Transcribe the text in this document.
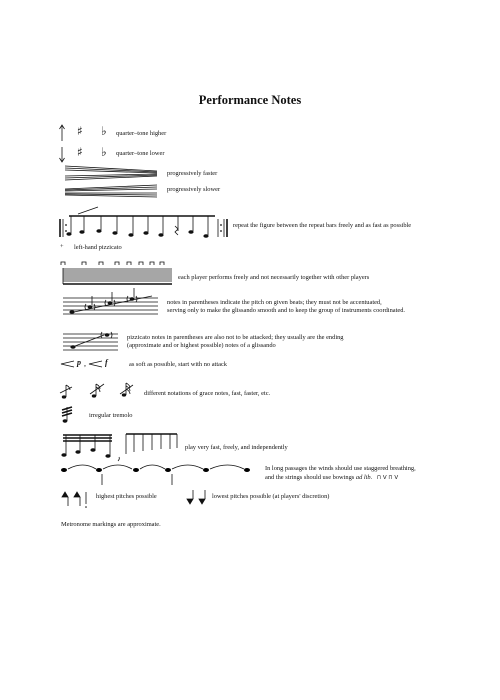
Performance Notes
♯ ♭
♯ ♭
quarter–tone higher
quarter–tone lower
progressively faster
progressively slower
repeat the figure between the repeat bars freely and as fast as possible
+ left-hand pizzicato
each player performs freely and not necessarily together with other players
notes in parentheses indicate the pitch on given beats; they must not be accentuated,
serving only to make the glissando smooth and to keep the group of instruments coordinated.
pizzicato notes in parentheses are also not to be attacked; they usually are the ending
(approximate and or highest possible) notes of a glissando
p , f	as soft as possible, start with no attack
different notations of grace notes, fast, faster, etc.
irregular tremolo
play very fast, freely, and independently
In long passages the winds should use staggered breathing,
and the strings should use bowings ad lib. ⊓ V ⊓ V
highest pitches possible	lowest pitches possible (at players' discretion)
Metronome markings are approximate.
